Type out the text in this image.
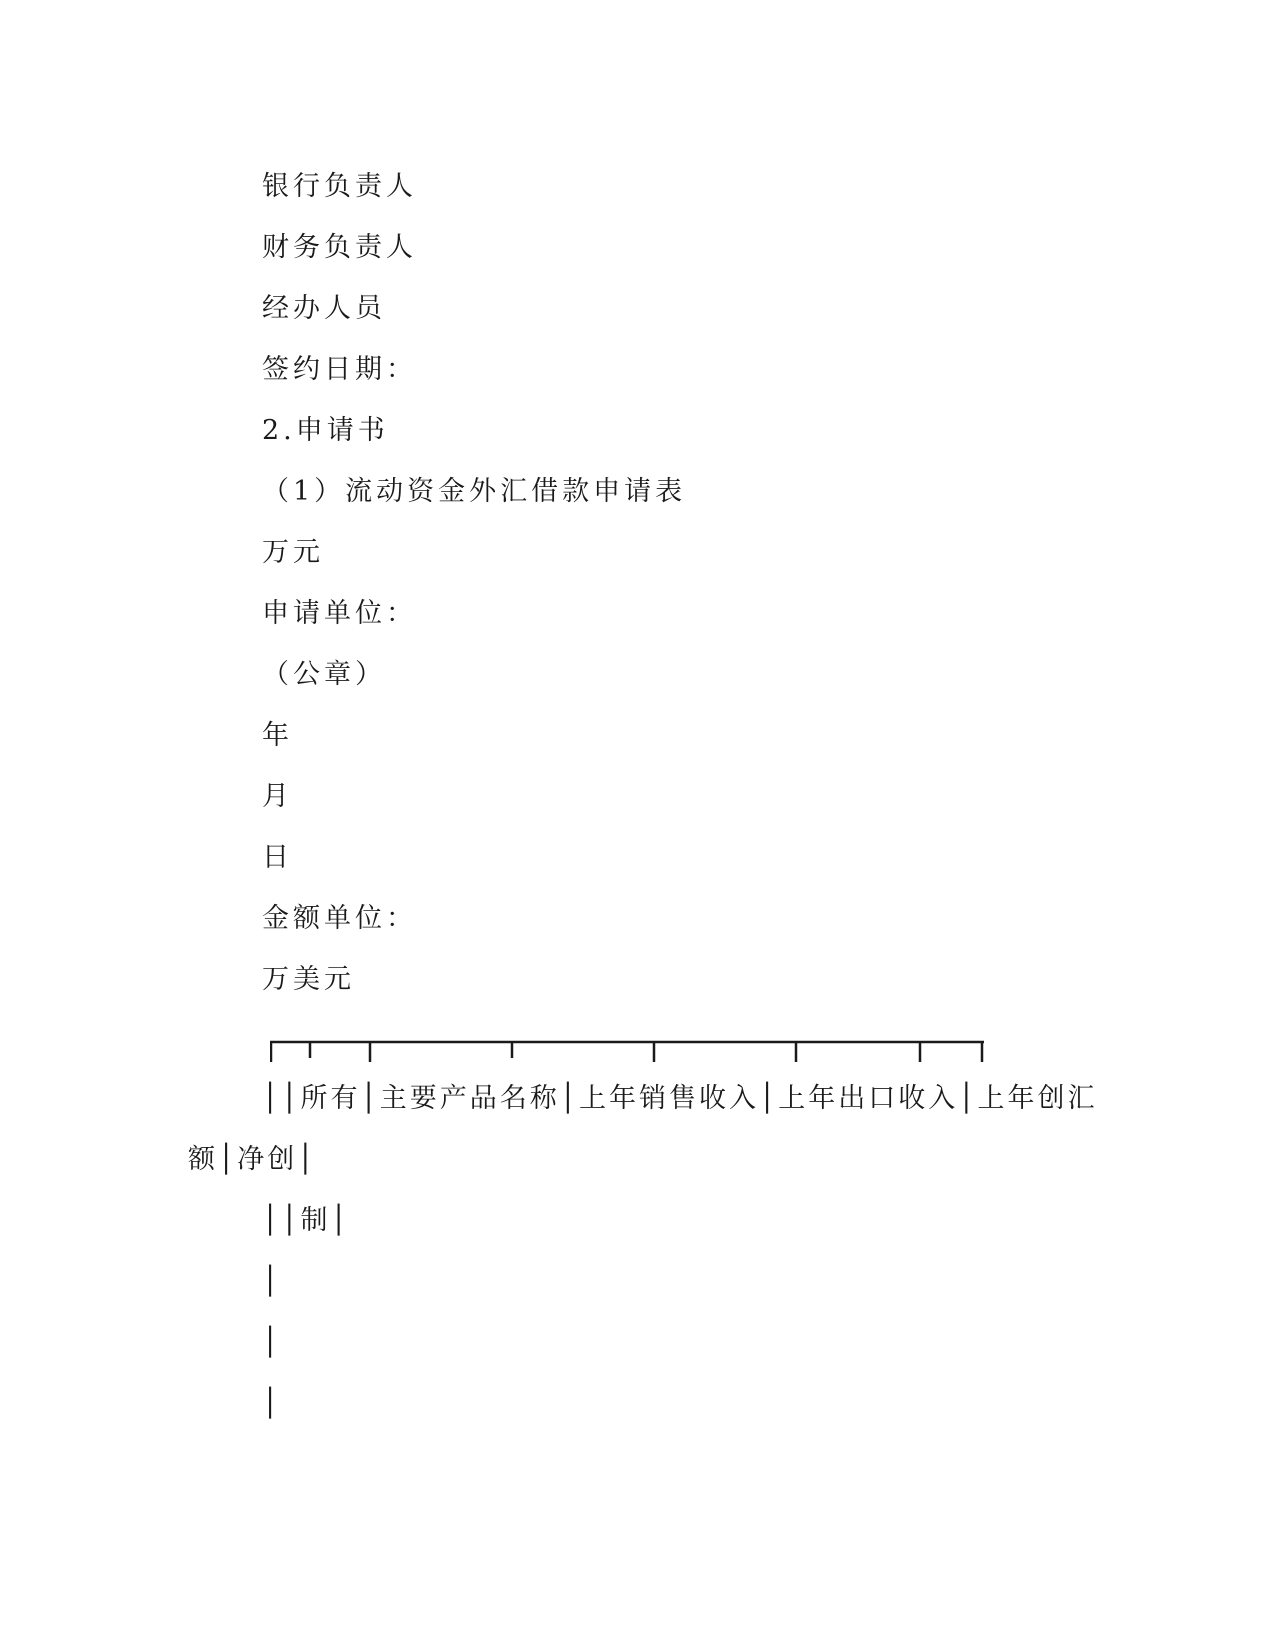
银行负责人
财务负责人
经办人员
签约日期：
2.申请书
（1）流动资金外汇借款申请表
万元
申请单位：
（公章）
年
月
日
金额单位：
万美元
││所有│主要产品名称│上年销售收入│上年出口收入│上年创汇
额│净创│
││制│
│
│
│
